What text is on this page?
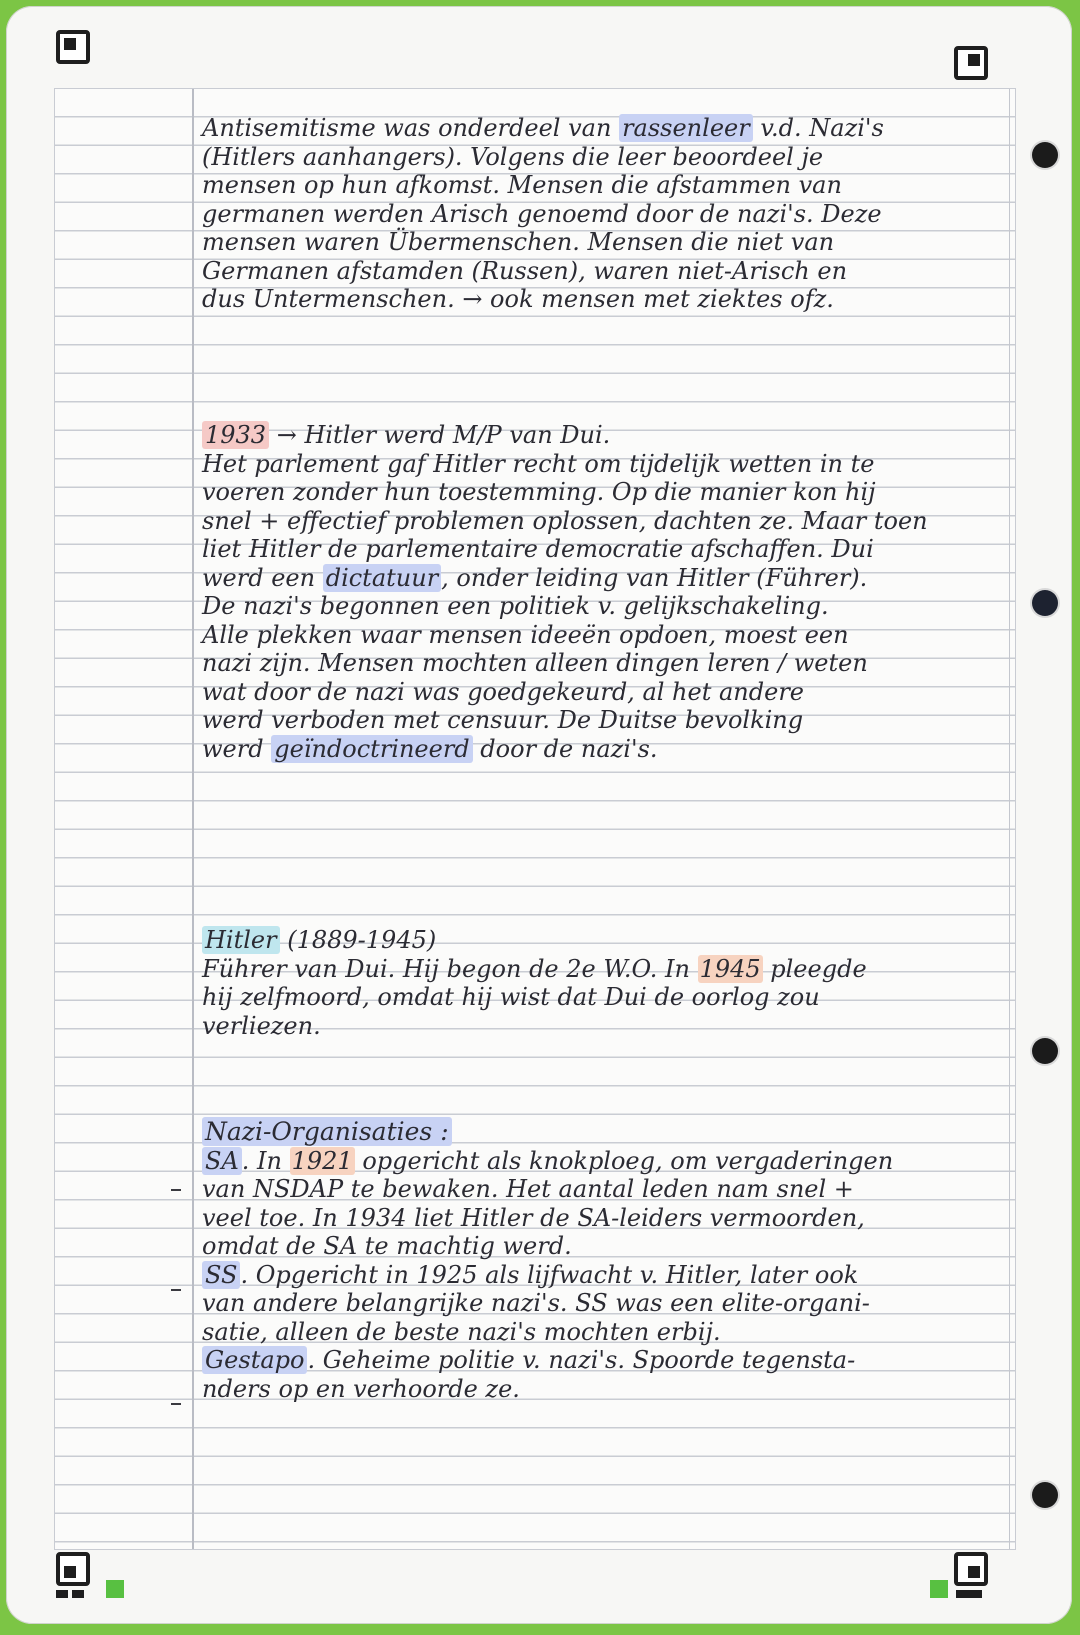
Antisemitisme was onderdeel van rassenleer v.d. Nazi's
(Hitlers aanhangers). Volgens die leer beoordeel je
mensen op hun afkomst. Mensen die afstammen van
germanen werden Arisch genoemd door de nazi's. Deze
mensen waren Übermenschen. Mensen die niet van
Germanen afstamden (Russen), waren niet-Arisch en
dus Untermenschen. → ook mensen met ziektes ofz.
1933 → Hitler werd M/P van Dui.
Het parlement gaf Hitler recht om tijdelijk wetten in te
voeren zonder hun toestemming. Op die manier kon hij
snel + effectief problemen oplossen, dachten ze. Maar toen
liet Hitler de parlementaire democratie afschaffen. Dui
werd een dictatuur , onder leiding van Hitler (Führer).
De nazi's begonnen een politiek v. gelijkschakeling.
Alle plekken waar mensen ideeën opdoen, moest een
nazi zijn. Mensen mochten alleen dingen leren / weten
wat door de nazi was goedgekeurd, al het andere
werd verboden met censuur. De Duitse bevolking
werd geïndoctrineerd door de nazi's.
Hitler (1889-1945)
Führer van Dui. Hij begon de 2e W.O. In 1945 pleegde
hij zelfmoord, omdat hij wist dat Dui de oorlog zou
verliezen.
Nazi-Organisaties :
SA . In 1921 opgericht als knokploeg, om vergaderingen
van NSDAP te bewaken. Het aantal leden nam snel +
veel toe. In 1934 liet Hitler de SA-leiders vermoorden,
omdat de SA te machtig werd.
SS . Opgericht in 1925 als lijfwacht v. Hitler, later ook
van andere belangrijke nazi's. SS was een elite-organi-
satie, alleen de beste nazi's mochten erbij.
Gestapo . Geheime politie v. nazi's. Spoorde tegensta-
nders op en verhoorde ze.
